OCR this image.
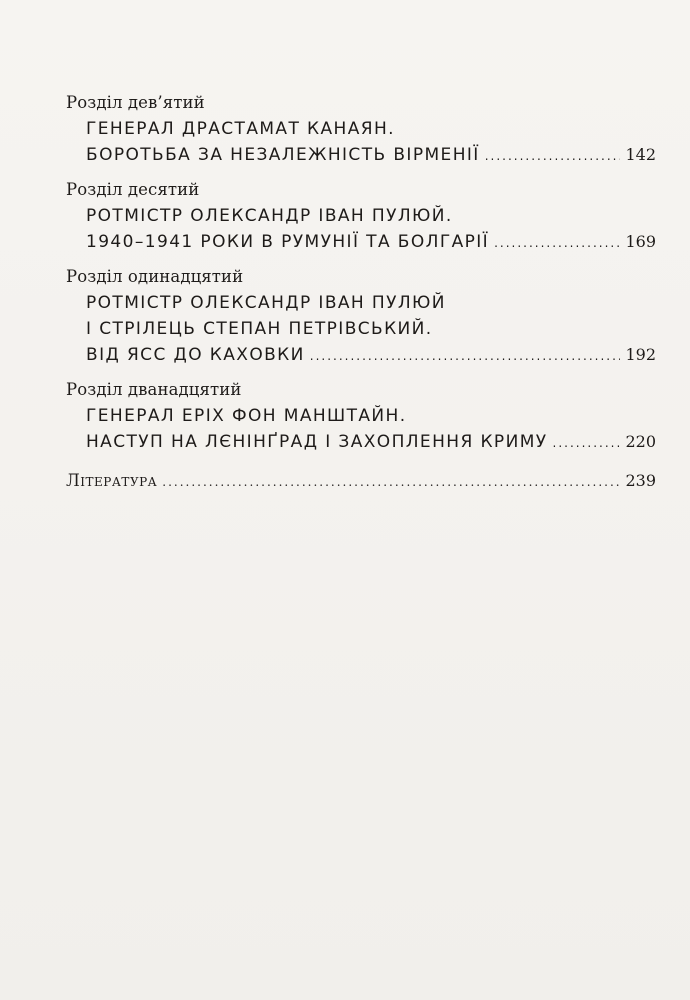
Розділ дев’ятий
ГЕНЕРАЛ ДРАСТАМАТ КАНАЯН.
БОРОТЬБА ЗА НЕЗАЛЕЖНІСТЬ ВІРМЕНІЇ .....	142
Розділ десятий
РОТМІСТР ОЛЕКСАНДР ІВАН ПУЛЮЙ.
1940–1941 РОКИ В РУМУНІЇ ТА БОЛГАРІЇ .....	169
Розділ одинадцятий
РОТМІСТР ОЛЕКСАНДР ІВАН ПУЛЮЙ
І СТРІЛЕЦЬ СТЕПАН ПЕТРІВСЬКИЙ.
ВІД ЯСС ДО КАХОВКИ .....	192
Розділ дванадцятий
ГЕНЕРАЛ ЕРІХ ФОН МАНШТАЙН.
НАСТУП НА ЛЄНІНҐРАД І ЗАХОПЛЕННЯ КРИМУ .....	220
Література .....	239
